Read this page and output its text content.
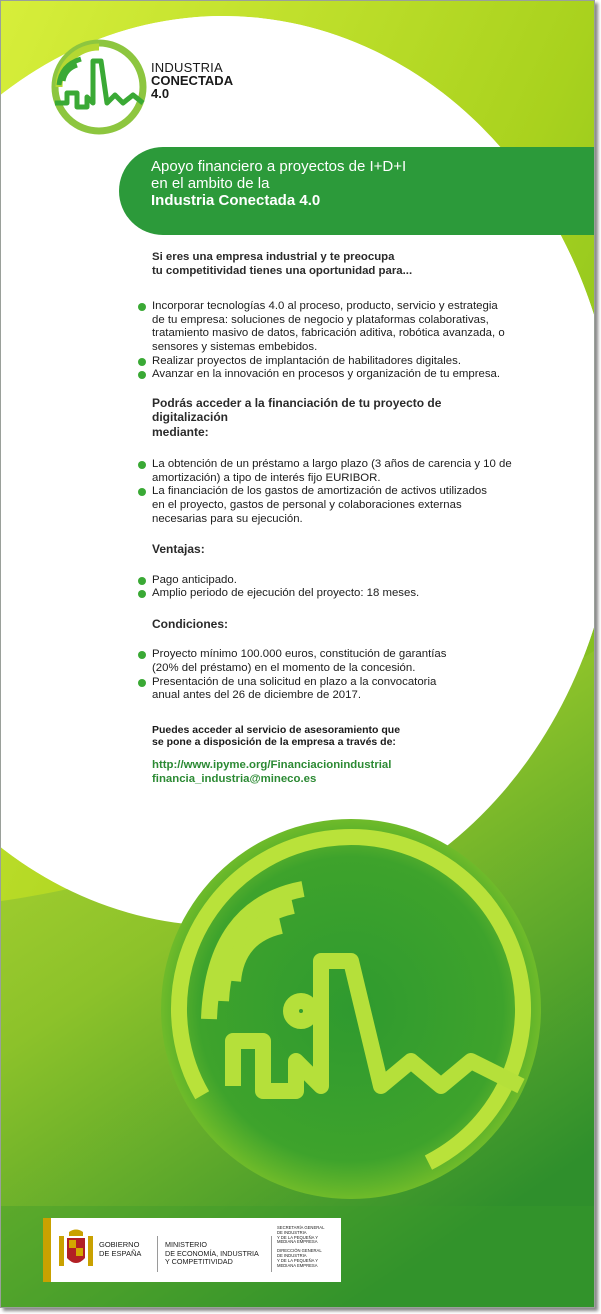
INDUSTRIA
CONECTADA
4.0
Apoyo financiero a proyectos de I+D+I
en el ambito de la
Industria Conectada 4.0

Si eres una empresa industrial y te preocupa
tu competitividad tienes una oportunidad para...

Incorporar tecnologías 4.0 al proceso, producto, servicio y estrategia
de tu empresa: soluciones de negocio y plataformas colaborativas,
tratamiento masivo de datos, fabricación aditiva, robótica avanzada, o
sensores y sistemas embebidos.
Realizar proyectos de implantación de habilitadores digitales.
Avanzar en la innovación en procesos y organización de tu empresa.

Podrás acceder a la financiación de tu proyecto de digitalización
mediante:

La obtención de un préstamo a largo plazo (3 años de carencia y 10 de
amortización) a tipo de interés fijo EURIBOR.
La financiación de los gastos de amortización de activos utilizados
en el proyecto, gastos de personal y colaboraciones externas
necesarias para su ejecución.

Ventajas:

Pago anticipado.
Amplio periodo de ejecución del proyecto: 18 meses.

Condiciones:

Proyecto mínimo 100.000 euros, constitución de garantías
(20% del préstamo) en el momento de la concesión.
Presentación de una solicitud en plazo a la convocatoria
anual antes del 26 de diciembre de 2017.

Puedes acceder al servicio de asesoramiento que
se pone a disposición de la empresa a través de:

http://www.ipyme.org/Financiacionindustrial
financia_industria@mineco.es
GOBIERNO
DE ESPAÑA
MINISTERIO
DE ECONOMÍA, INDUSTRIA
Y COMPETITIVIDAD
SECRETARÍA GENERAL
DE INDUSTRIA
Y DE LA PEQUEÑA Y
MEDIANA EMPRESA
DIRECCIÓN GENERAL
DE INDUSTRIA
Y DE LA PEQUEÑA Y
MEDIANA EMPRESA
